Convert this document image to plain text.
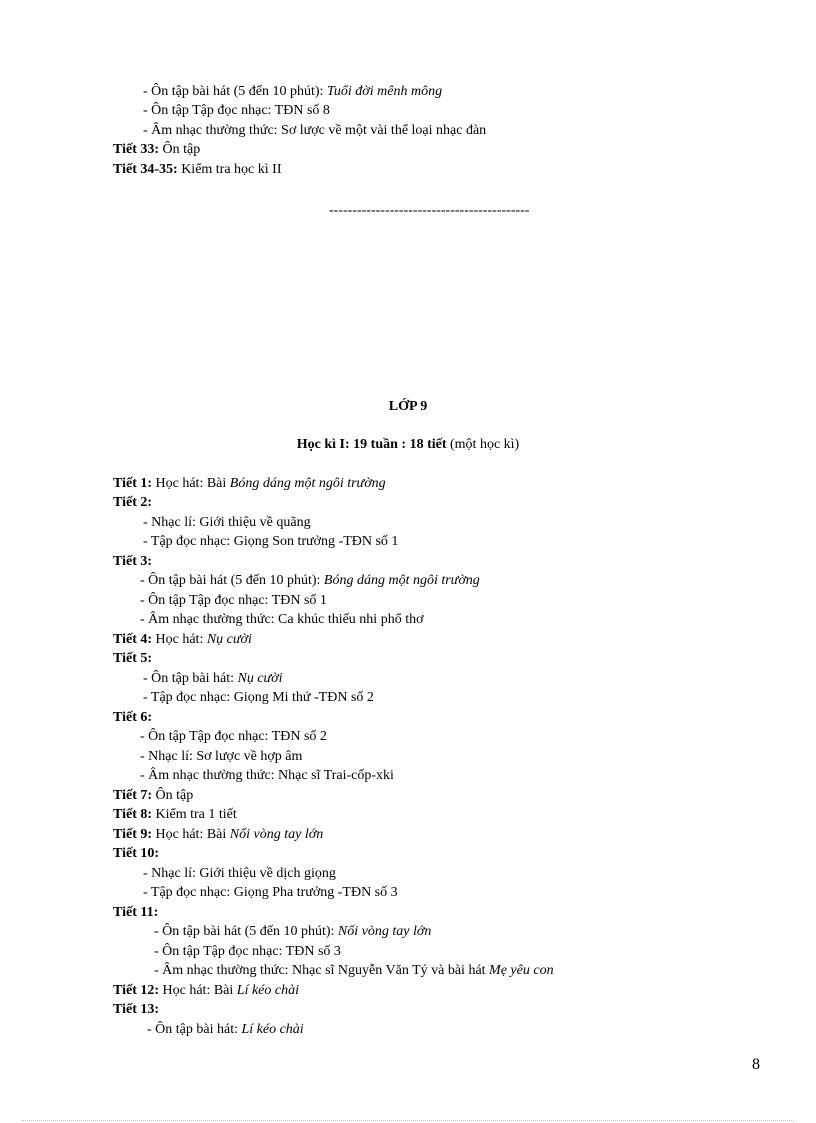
- Ôn tập bài hát (5 đến 10 phút): Tuổi đời mênh mông
- Ôn tập Tập đọc nhạc: TĐN số 8
- Âm nhạc thường thức: Sơ lược về một vài thể loại nhạc đàn
Tiết 33: Ôn tập
Tiết 34-35: Kiểm tra học kì II
-------------------------------------------
LỚP 9
Học kì I: 19 tuần : 18 tiết (một học kì)
Tiết 1: Học hát: Bài Bóng dáng một ngôi trường
Tiết 2:
- Nhạc lí: Giới thiệu về quãng
- Tập đọc nhạc: Giọng Son trưởng -TĐN số 1
Tiết 3:
- Ôn tập bài hát (5 đến 10 phút): Bóng dáng một ngôi trường
- Ôn tập Tập đọc nhạc: TĐN số 1
- Âm nhạc thường thức: Ca khúc thiếu nhi phổ thơ
Tiết 4: Học hát: Nụ cười
Tiết 5:
- Ôn tập bài hát: Nụ cười
- Tập đọc nhạc: Giọng Mi thứ -TĐN số 2
Tiết 6:
- Ôn tập Tập đọc nhạc: TĐN số 2
- Nhạc lí: Sơ lược về hợp âm
- Âm nhạc thường thức: Nhạc sĩ Trai-cốp-xki
Tiết 7: Ôn tập
Tiết 8: Kiểm tra 1 tiết
Tiết 9: Học hát: Bài Nối vòng tay lớn
Tiết 10:
- Nhạc lí: Giới thiệu về dịch giọng
- Tập đọc nhạc: Giọng Pha trưởng -TĐN số 3
Tiết 11:
- Ôn tập bài hát (5 đến 10 phút): Nối vòng tay lớn
- Ôn tập Tập đọc nhạc: TĐN số 3
- Âm nhạc thường thức: Nhạc sĩ Nguyễn Văn Tý và bài hát Mẹ yêu con
Tiết 12: Học hát: Bài Lí kéo chài
Tiết 13:
- Ôn tập bài hát: Lí kéo chài
8
